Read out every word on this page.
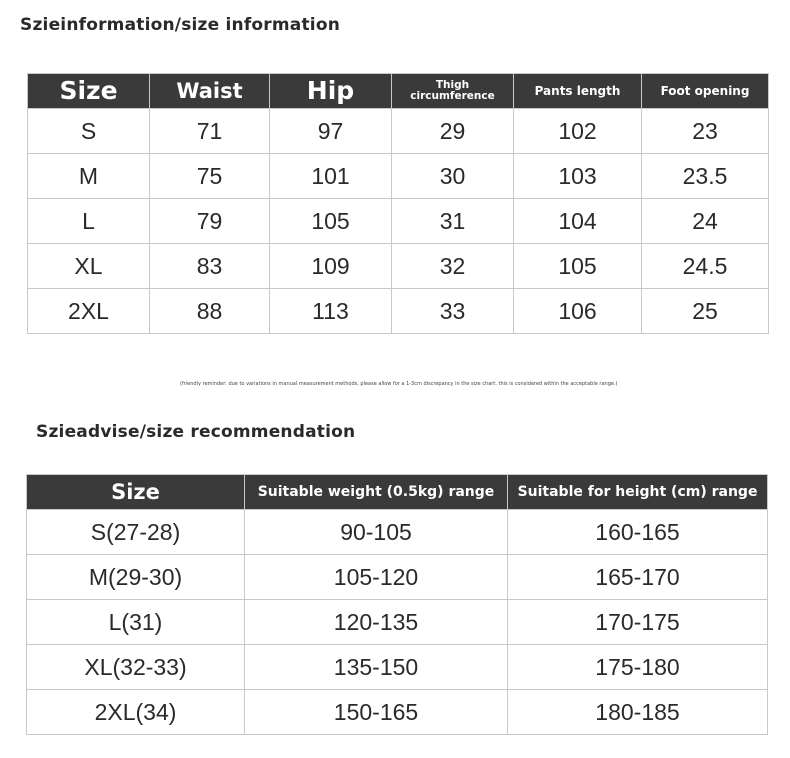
Szieinformation/size information
Size	Waist	Hip	Thigh circumference	Pants length	Foot opening
S	71	97	29	102	23
M	75	101	30	103	23.5
L	79	105	31	104	24
XL	83	109	32	105	24.5
2XL	88	113	33	106	25
(friendly reminder: due to variations in manual measurement methods, please allow for a 1-3cm discrepancy in the size chart. this is considered within the acceptable range.)
Szieadvise/size recommendation
Size	Suitable weight (0.5kg) range	Suitable for height (cm) range
S(27-28)	90-105	160-165
M(29-30)	105-120	165-170
L(31)	120-135	170-175
XL(32-33)	135-150	175-180
2XL(34)	150-165	180-185
